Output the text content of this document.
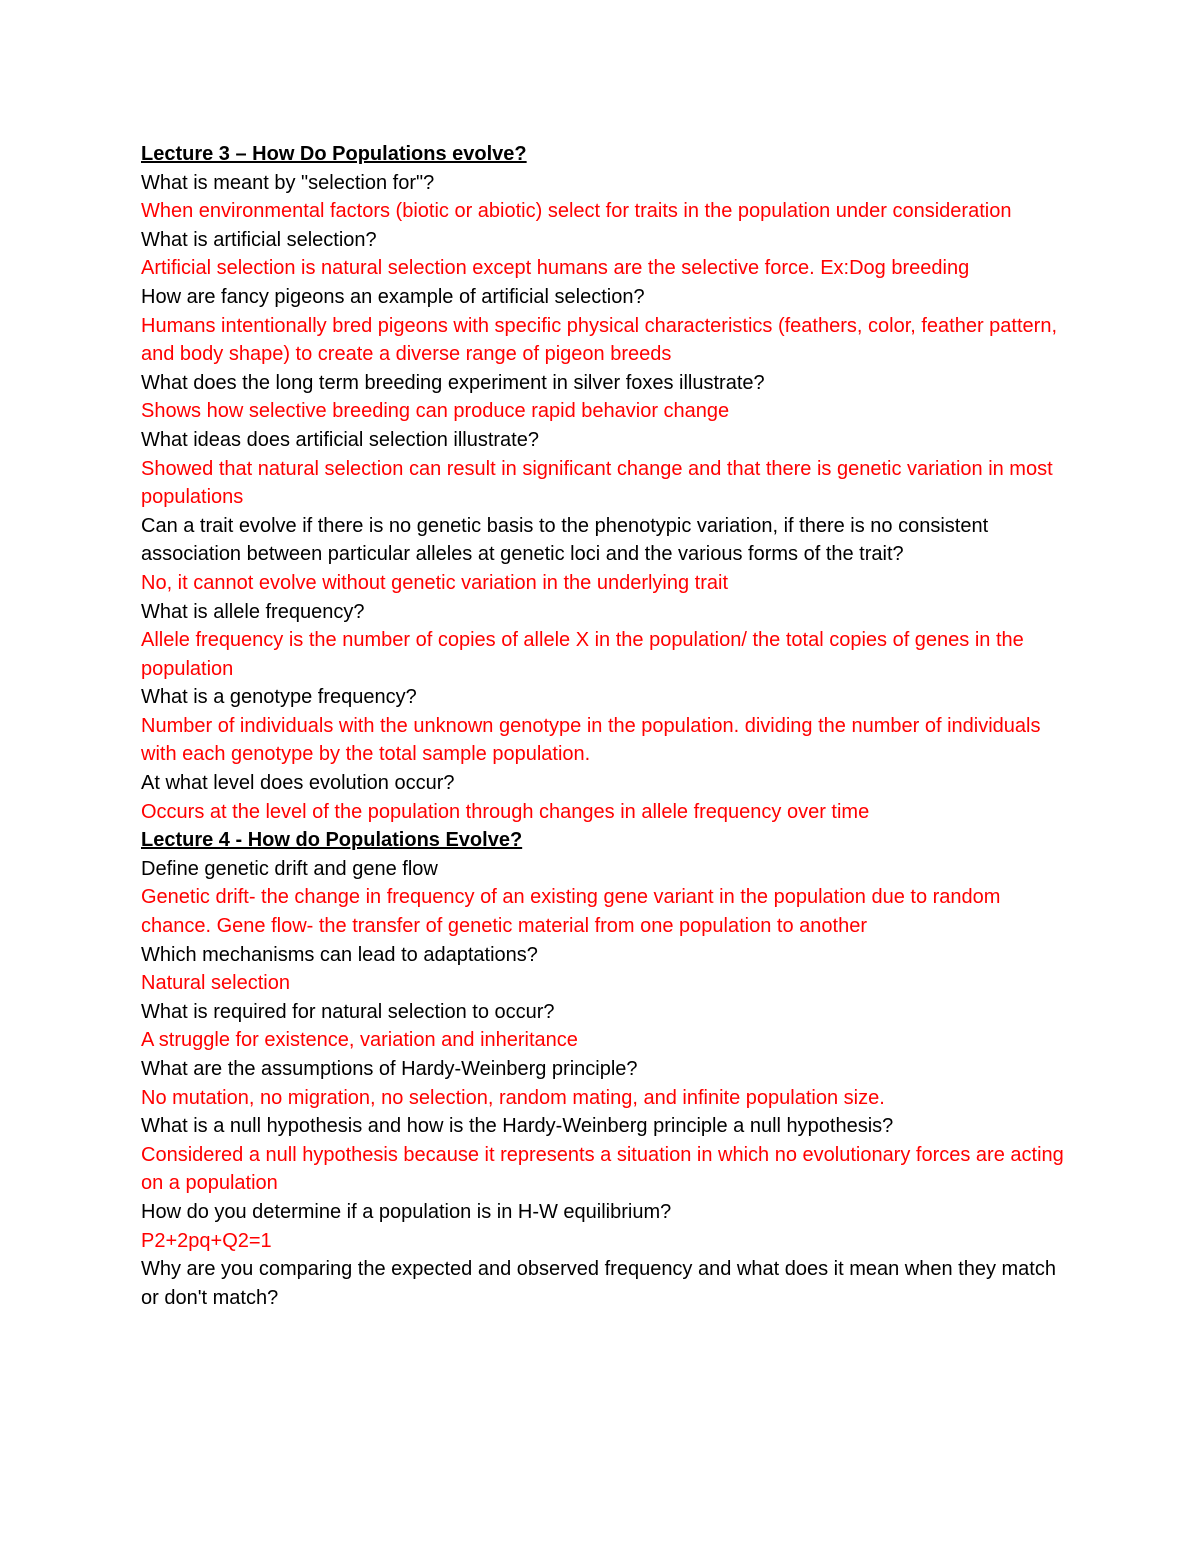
Lecture 3 – How Do Populations evolve?

What is meant by "selection for"?

When environmental factors (biotic or abiotic) select for traits in the population under consideration

What is artificial selection?

Artificial selection is natural selection except humans are the selective force. Ex:Dog breeding

How are fancy pigeons an example of artificial selection?

Humans intentionally bred pigeons with specific physical characteristics (feathers, color, feather pattern, and body shape) to create a diverse range of pigeon breeds

What does the long term breeding experiment in silver foxes illustrate?

Shows how selective breeding can produce rapid behavior change

What ideas does artificial selection illustrate?

Showed that natural selection can result in significant change and that there is genetic variation in most populations

Can a trait evolve if there is no genetic basis to the phenotypic variation, if there is no consistent association between particular alleles at genetic loci and the various forms of the trait?

No, it cannot evolve without genetic variation in the underlying trait

What is allele frequency?

Allele frequency is the number of copies of allele X in the population/ the total copies of genes in the population

What is a genotype frequency?

Number of individuals with the unknown genotype in the population. dividing the number of individuals with each genotype by the total sample population.

At what level does evolution occur?

Occurs at the level of the population through changes in allele frequency over time

Lecture 4 - How do Populations Evolve?

Define genetic drift and gene flow

Genetic drift- the change in frequency of an existing gene variant in the population due to random chance. Gene flow- the transfer of genetic material from one population to another

Which mechanisms can lead to adaptations?

Natural selection

What is required for natural selection to occur?

A struggle for existence, variation and inheritance

What are the assumptions of Hardy-Weinberg principle?

No mutation, no migration, no selection, random mating, and infinite population size.

What is a null hypothesis and how is the Hardy-Weinberg principle a null hypothesis?

Considered a null hypothesis because it represents a situation in which no evolutionary forces are acting on a population

How do you determine if a population is in H-W equilibrium?

P2+2pq+Q2=1

Why are you comparing the expected and observed frequency and what does it mean when they match or don't match?
